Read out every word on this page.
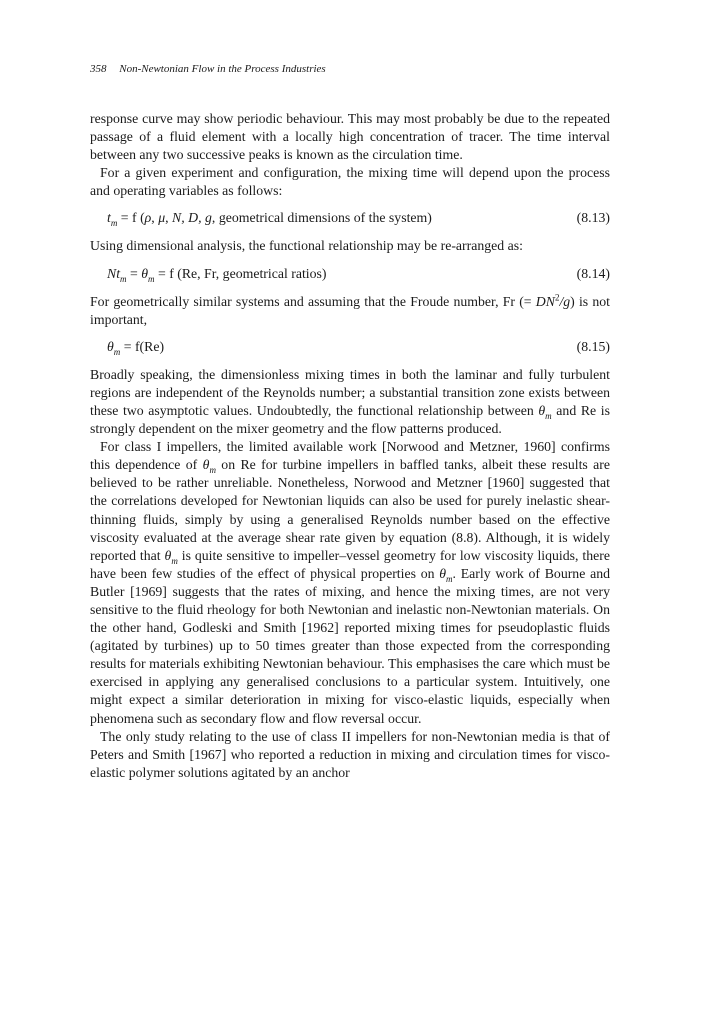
358 Non-Newtonian Flow in the Process Industries

response curve may show periodic behaviour. This may most probably be due to the repeated passage of a fluid element with a locally high concentration of tracer. The time interval between any two successive peaks is known as the circulation time.

For a given experiment and configuration, the mixing time will depend upon the process and operating variables as follows:

$t_m = f$ (ρ, μ, N, D, g, geometrical dimensions of the system)	(8.13)

Using dimensional analysis, the functional relationship may be re-arranged as:

$Nt_m = \theta_m = f$ (Re, Fr, geometrical ratios)	(8.14)

For geometrically similar systems and assuming that the Froude number, Fr (= $DN^2/g$) is not important,

$\theta_m = f(Re)$	(8.15)

Broadly speaking, the dimensionless mixing times in both the laminar and fully turbulent regions are independent of the Reynolds number; a substantial transition zone exists between these two asymptotic values. Undoubtedly, the functional relationship between $\theta_m$ and Re is strongly dependent on the mixer geometry and the flow patterns produced.

For class I impellers, the limited available work [Norwood and Metzner, 1960] confirms this dependence of $\theta_m$ on Re for turbine impellers in baffled tanks, albeit these results are believed to be rather unreliable. Nonetheless, Norwood and Metzner [1960] suggested that the correlations developed for Newtonian liquids can also be used for purely inelastic shear-thinning fluids, simply by using a generalised Reynolds number based on the effective viscosity evaluated at the average shear rate given by equation (8.8). Although, it is widely reported that $\theta_m$ is quite sensitive to impeller–vessel geometry for low viscosity liquids, there have been few studies of the effect of physical properties on $\theta_m$. Early work of Bourne and Butler [1969] suggests that the rates of mixing, and hence the mixing times, are not very sensitive to the fluid rheology for both Newtonian and inelastic non-Newtonian materials. On the other hand, Godleski and Smith [1962] reported mixing times for pseudoplastic fluids (agitated by turbines) up to 50 times greater than those expected from the corresponding results for materials exhibiting Newtonian behaviour. This emphasises the care which must be exercised in applying any generalised conclusions to a particular system. Intuitively, one might expect a similar deterioration in mixing for visco-elastic liquids, especially when phenomena such as secondary flow and flow reversal occur.

The only study relating to the use of class II impellers for non-Newtonian media is that of Peters and Smith [1967] who reported a reduction in mixing and circulation times for visco-elastic polymer solutions agitated by an anchor
